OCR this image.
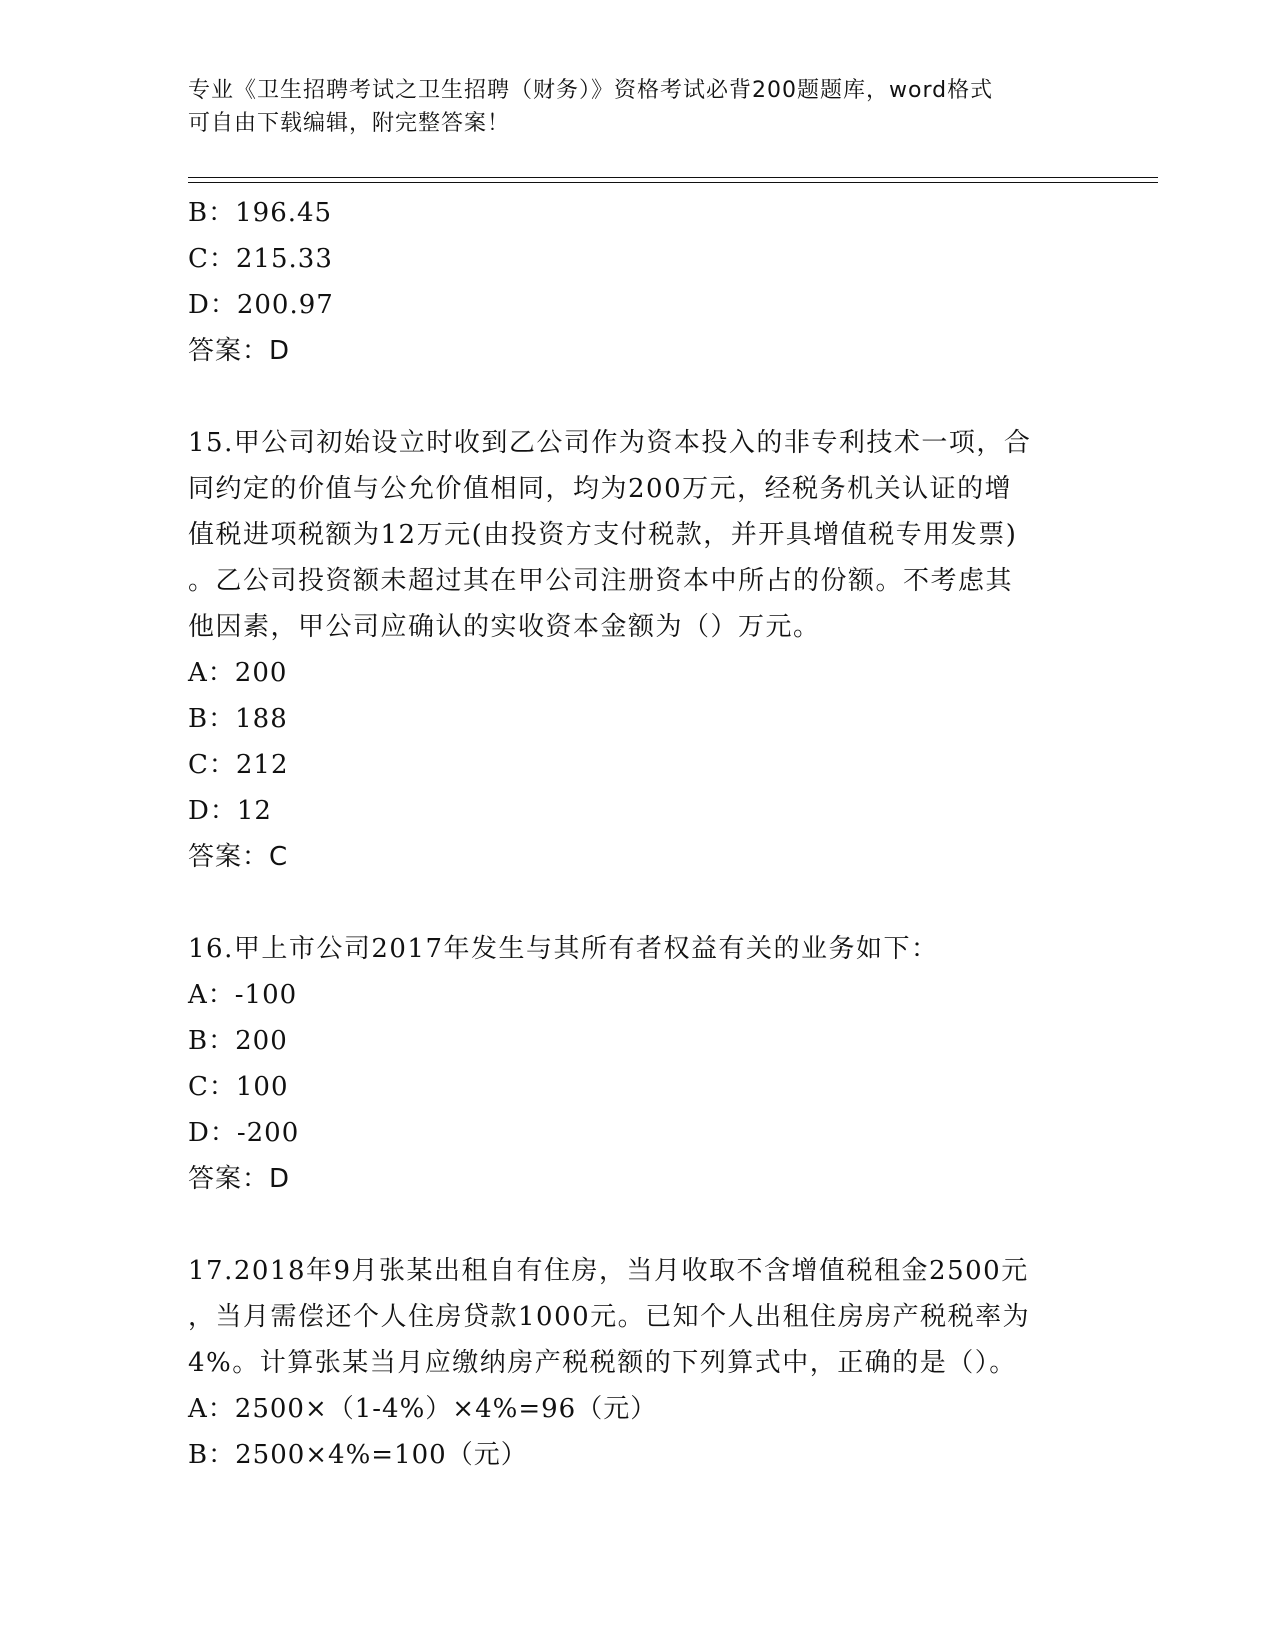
专业《卫生招聘考试之卫生招聘（财务）》资格考试必背200题题库，word格式
可自由下载编辑，附完整答案！
B：196.45
C：215.33
D：200.97
答案：D
15.甲公司初始设立时收到乙公司作为资本投入的非专利技术一项，合
同约定的价值与公允价值相同，均为200万元，经税务机关认证的增
值税进项税额为12万元(由投资方支付税款，并开具增值税专用发票)
。乙公司投资额未超过其在甲公司注册资本中所占的份额。不考虑其
他因素，甲公司应确认的实收资本金额为（）万元。
A：200
B：188
C：212
D：12
答案：C
16.甲上市公司2017年发生与其所有者权益有关的业务如下：
A：-100
B：200
C：100
D：-200
答案：D
17.2018年9月张某出租自有住房，当月收取不含增值税租金2500元
，当月需偿还个人住房贷款1000元。已知个人出租住房房产税税率为
4%。计算张某当月应缴纳房产税税额的下列算式中，正确的是（）。
A：2500×（1-4%）×4%=96（元）
B：2500×4%=100（元）
